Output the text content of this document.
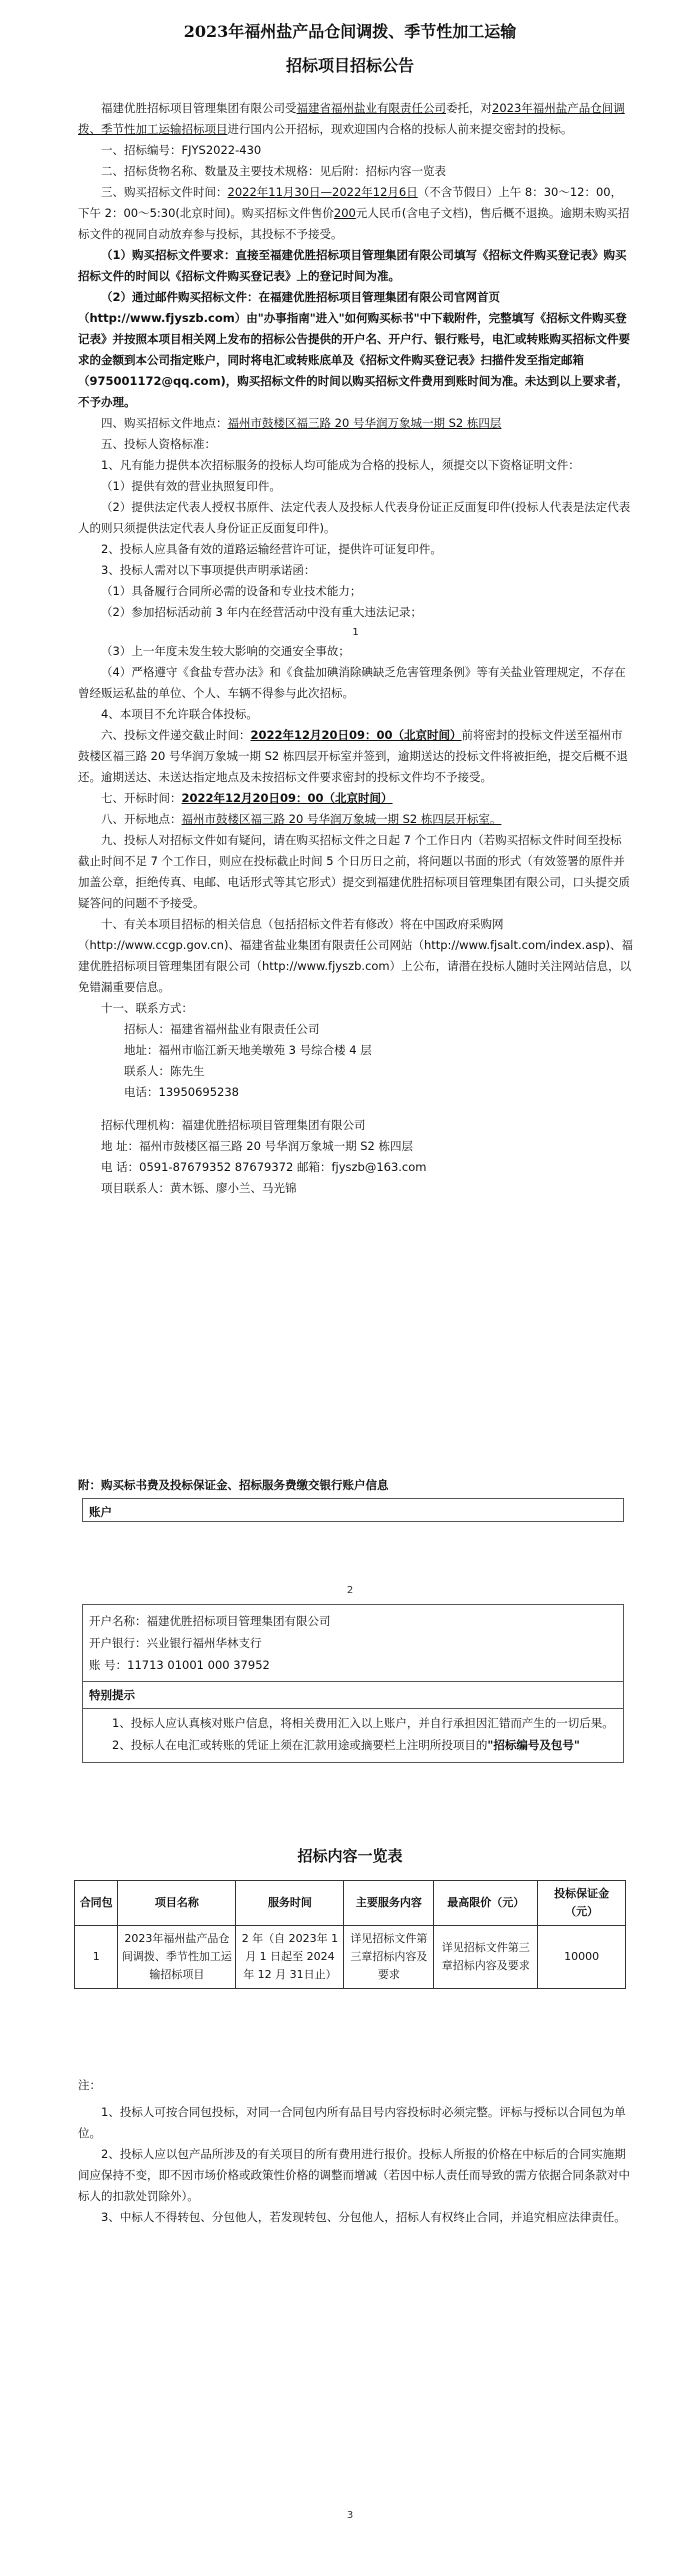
2023年福州盐产品仓间调拨、季节性加工运输
招标项目招标公告

福建优胜招标项目管理集团有限公司受福建省福州盐业有限责任公司委托，对2023年福州盐产品仓间调拨、季节性加工运输招标项目进行国内公开招标，现欢迎国内合格的投标人前来提交密封的投标。

一、招标编号：FJYS2022-430

二、招标货物名称、数量及主要技术规格：见后附：招标内容一览表

三、购买招标文件时间：2022年11月30日—2022年12月6日（不含节假日）上午 8：30～12：00，下午 2：00～5:30(北京时间)。购买招标文件售价200元人民币(含电子文档)，售后概不退换。逾期未购买招标文件的视同自动放弃参与投标，其投标不予接受。

（1）购买招标文件要求：直接至福建优胜招标项目管理集团有限公司填写《招标文件购买登记表》购买招标文件的时间以《招标文件购买登记表》上的登记时间为准。

（2）通过邮件购买招标文件：在福建优胜招标项目管理集团有限公司官网首页（http://www.fjyszb.com）由"办事指南"进入"如何购买标书"中下载附件，完整填写《招标文件购买登记表》并按照本项目相关网上发布的招标公告提供的开户名、开户行、银行账号，电汇或转账购买招标文件要求的金额到本公司指定账户，同时将电汇或转账底单及《招标文件购买登记表》扫描件发至指定邮箱（975001172@qq.com)，购买招标文件的时间以购买招标文件费用到账时间为准。未达到以上要求者，不予办理。

四、购买招标文件地点：福州市鼓楼区福三路 20 号华润万象城一期 S2 栋四层

五、投标人资格标准：

1、凡有能力提供本次招标服务的投标人均可能成为合格的投标人，须提交以下资格证明文件：

（1）提供有效的营业执照复印件。

（2）提供法定代表人授权书原件、法定代表人及投标人代表身份证正反面复印件(投标人代表是法定代表人的则只须提供法定代表人身份证正反面复印件)。

2、投标人应具备有效的道路运输经营许可证，提供许可证复印件。

3、投标人需对以下事项提供声明承诺函：

（1）具备履行合同所必需的设备和专业技术能力；

（2）参加招标活动前 3 年内在经营活动中没有重大违法记录；

1

（3）上一年度未发生较大影响的交通安全事故；

（4）严格遵守《食盐专营办法》和《食盐加碘消除碘缺乏危害管理条例》等有关盐业管理规定，不存在曾经贩运私盐的单位、个人、车辆不得参与此次招标。

4、本项目不允许联合体投标。

六、投标文件递交截止时间：2022年12月20日09：00（北京时间）前将密封的投标文件送至福州市鼓楼区福三路 20 号华润万象城一期 S2 栋四层开标室并签到，逾期送达的投标文件将被拒绝，提交后概不退还。逾期送达、未送达指定地点及未按招标文件要求密封的投标文件均不予接受。

七、开标时间：2022年12月20日09：00（北京时间）

八、开标地点：福州市鼓楼区福三路 20 号华润万象城一期 S2 栋四层开标室。

九、投标人对招标文件如有疑问，请在购买招标文件之日起 7 个工作日内（若购买招标文件时间至投标截止时间不足 7 个工作日，则应在投标截止时间 5 个日历日之前，将问题以书面的形式（有效签署的原件并加盖公章，拒绝传真、电邮、电话形式等其它形式）提交到福建优胜招标项目管理集团有限公司，口头提交质疑答问的问题不予接受。

十、有关本项目招标的相关信息（包括招标文件若有修改）将在中国政府采购网（http://www.ccgp.gov.cn)、福建省盐业集团有限责任公司网站（http://www.fjsalt.com/index.asp)、福建优胜招标项目管理集团有限公司（http://www.fjyszb.com）上公布，请潜在投标人随时关注网站信息，以免错漏重要信息。

十一、联系方式：

招标人：福建省福州盐业有限责任公司

地址：福州市临江新天地美墩苑 3 号综合楼 4 层

联系人：陈先生

电话：13950695238

招标代理机构：福建优胜招标项目管理集团有限公司

地 址：福州市鼓楼区福三路 20 号华润万象城一期 S2 栋四层

电 话：0591-87679352 87679372 邮箱：fjyszb@163.com

项目联系人：黄木铄、廖小兰、马光锦

附：购买标书费及投标保证金、招标服务费缴交银行账户信息

账户
2
开户名称：福建优胜招标项目管理集团有限公司
开户银行：兴业银行福州华林支行
账 号：11713 01001 000 37952
特别提示
1、投标人应认真核对账户信息，将相关费用汇入以上账户，并自行承担因汇错而产生的一切后果。
2、投标人在电汇或转账的凭证上须在汇款用途或摘要栏上注明所投项目的"招标编号及包号"
招标内容一览表
合同包	项目名称	服务时间	主要服务内容	最高限价（元）	投标保证金（元）
1	2023年福州盐产品仓间调拨、季节性加工运输招标项目	2 年（自 2023年 1 月 1 日起至 2024 年 12 月 31日止）	详见招标文件第三章招标内容及要求	详见招标文件第三章招标内容及要求	10000

注：

1、投标人可按合同包投标，对同一合同包内所有品目号内容投标时必须完整。评标与授标以合同包为单位。

2、投标人应以包产品所涉及的有关项目的所有费用进行报价。投标人所报的价格在中标后的合同实施期间应保持不变，即不因市场价格或政策性价格的调整而增减（若因中标人责任而导致的需方依据合同条款对中标人的扣款处罚除外）。

3、中标人不得转包、分包他人，若发现转包、分包他人，招标人有权终止合同，并追究相应法律责任。

3
